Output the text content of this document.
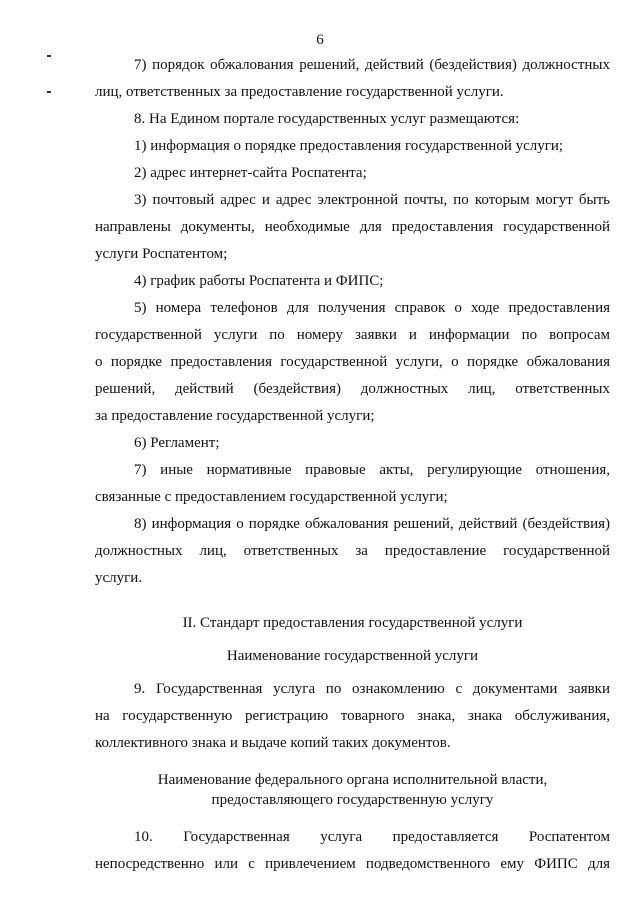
6
7) порядок обжалования решений, действий (бездействия) должностных
лиц, ответственных за предоставление государственной услуги.
8. На Едином портале государственных услуг размещаются:
1) информация о порядке предоставления государственной услуги;
2) адрес интернет-сайта Роспатента;
3) почтовый адрес и адрес электронной почты, по которым могут быть
направлены документы, необходимые для предоставления государственной
услуги Роспатентом;
4) график работы Роспатента и ФИПС;
5) номера телефонов для получения справок о ходе предоставления
государственной услуги по номеру заявки и информации по вопросам
о порядке предоставления государственной услуги, о порядке обжалования
решений, действий (бездействия) должностных лиц, ответственных
за предоставление государственной услуги;
6) Регламент;
7) иные нормативные правовые акты, регулирующие отношения,
связанные с предоставлением государственной услуги;
8) информация о порядке обжалования решений, действий (бездействия)
должностных лиц, ответственных за предоставление государственной
услуги.
II. Стандарт предоставления государственной услуги
Наименование государственной услуги
9. Государственная услуга по ознакомлению с документами заявки
на государственную регистрацию товарного знака, знака обслуживания,
коллективного знака и выдаче копий таких документов.
Наименование федерального органа исполнительной власти,
предоставляющего государственную услугу
10. Государственная услуга предоставляется Роспатентом
непосредственно или с привлечением подведомственного ему ФИПС для
